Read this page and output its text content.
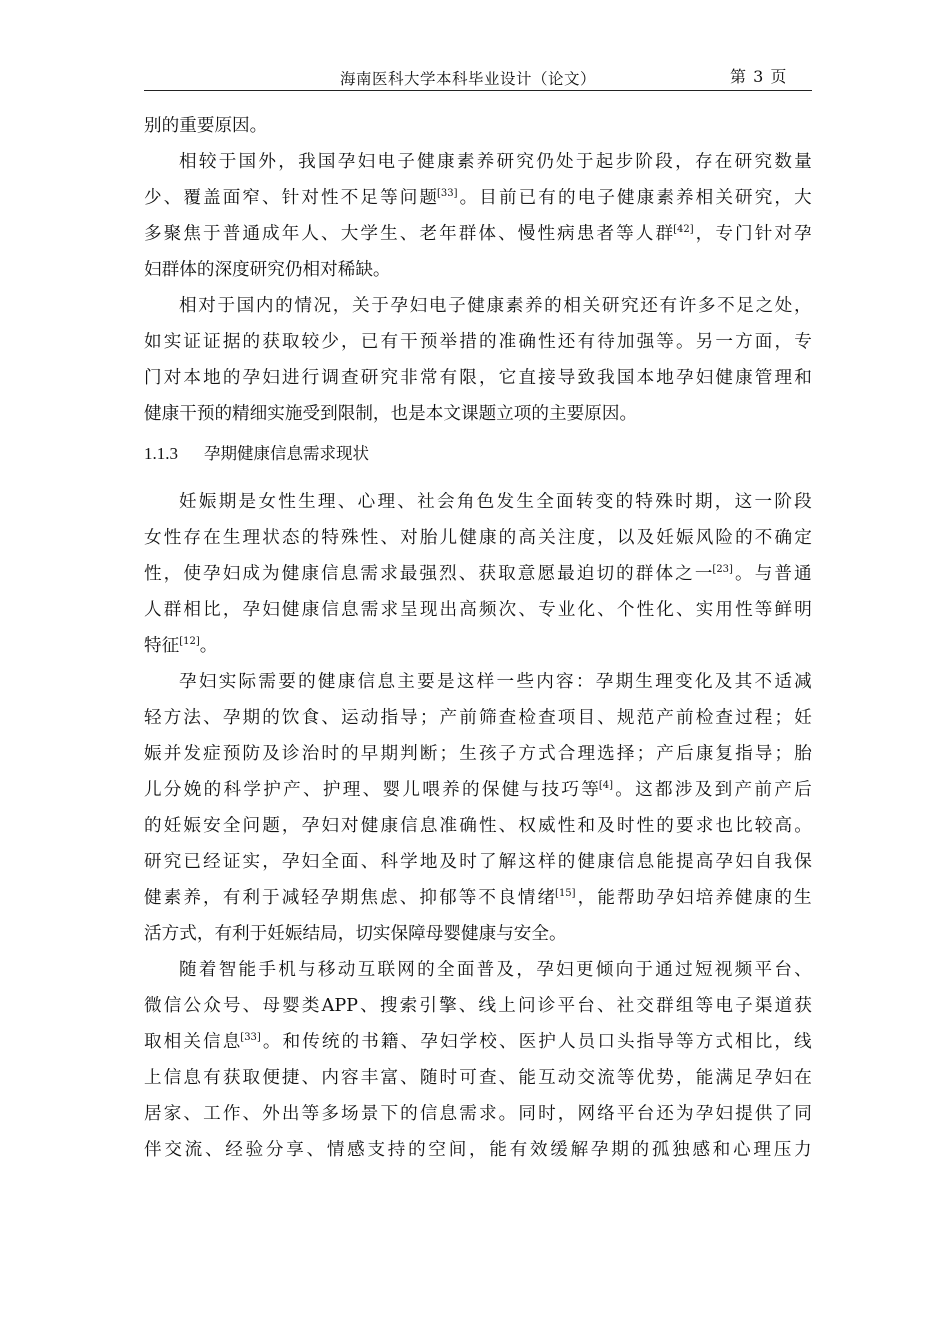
海南医科大学本科毕业设计（论文）	第 3 页
别的重要原因。
相 较 于 国 外 ， 我 国 孕 妇 电 子 健 康 素 养 研 究 仍 处 于 起 步 阶 段 ， 存 在 研 究 数 量
少 、 覆 盖 面 窄 、 针 对 性 不 足 等 问 题[33] 。 目 前 已 有 的 电 子 健 康 素 养 相 关 研 究 ， 大
多 聚 焦 于 普 通 成 年 人 、 大 学 生 、 老 年 群 体 、 慢 性 病 患 者 等 人 群[42] ， 专 门 针 对 孕
妇群体的深度研究仍相对稀缺。
相 对 于 国 内 的 情 况 ， 关 于 孕 妇 电 子 健 康 素 养 的 相 关 研 究 还 有 许 多 不 足 之 处 ，
如 实 证 证 据 的 获 取 较 少 ， 已 有 干 预 举 措 的 准 确 性 还 有 待 加 强 等 。 另 一 方 面 ， 专
门 对 本 地 的 孕 妇 进 行 调 查 研 究 非 常 有 限 ， 它 直 接 导 致 我 国 本 地 孕 妇 健 康 管 理 和
健康干预的精细实施受到限制，也是本文课题立项的主要原因。
1.1.3 孕期健康信息需求现状
妊 娠 期 是 女 性 生 理 、 心 理 、 社 会 角 色 发 生 全 面 转 变 的 特 殊 时 期 ， 这 一 阶 段
女 性 存 在 生 理 状 态 的 特 殊 性 、 对 胎 儿 健 康 的 高 关 注 度 ， 以 及 妊 娠 风 险 的 不 确 定
性 ， 使 孕 妇 成 为 健 康 信 息 需 求 最 强 烈 、 获 取 意 愿 最 迫 切 的 群 体 之 一[23] 。 与 普 通
人 群 相 比 ， 孕 妇 健 康 信 息 需 求 呈 现 出 高 频 次 、 专 业 化 、 个 性 化 、 实 用 性 等 鲜 明
特征[12]。
孕 妇 实 际 需 要 的 健 康 信 息 主 要 是 这 样 一 些 内 容 ： 孕 期 生 理 变 化 及 其 不 适 减
轻 方 法 、 孕 期 的 饮 食 、 运 动 指 导 ； 产 前 筛 查 检 查 项 目 、 规 范 产 前 检 查 过 程 ； 妊
娠 并 发 症 预 防 及 诊 治 时 的 早 期 判 断 ； 生 孩 子 方 式 合 理 选 择 ； 产 后 康 复 指 导 ； 胎
儿 分 娩 的 科 学 护 产 、 护 理 、 婴 儿 喂 养 的 保 健 与 技 巧 等[4] 。 这 都 涉 及 到 产 前 产 后
的 妊 娠 安 全 问 题 ， 孕 妇 对 健 康 信 息 准 确 性 、 权 威 性 和 及 时 性 的 要 求 也 比 较 高 。
研 究 已 经 证 实 ， 孕 妇 全 面 、 科 学 地 及 时 了 解 这 样 的 健 康 信 息 能 提 高 孕 妇 自 我 保
健 素 养 ， 有 利 于 减 轻 孕 期 焦 虑 、 抑 郁 等 不 良 情 绪[15] ， 能 帮 助 孕 妇 培 养 健 康 的 生
活方式，有利于妊娠结局，切实保障母婴健康与安全。
随 着 智 能 手 机 与 移 动 互 联 网 的 全 面 普 及 ， 孕 妇 更 倾 向 于 通 过 短 视 频 平 台 、
微 信 公 众 号 、 母 婴 类 APP 、 搜 索 引 擎 、 线 上 问 诊 平 台 、 社 交 群 组 等 电 子 渠 道 获
取 相 关 信 息[33] 。 和 传 统 的 书 籍 、 孕 妇 学 校 、 医 护 人 员 口 头 指 导 等 方 式 相 比 ， 线
上 信 息 有 获 取 便 捷 、 内 容 丰 富 、 随 时 可 查 、 能 互 动 交 流 等 优 势 ， 能 满 足 孕 妇 在
居 家 、 工 作 、 外 出 等 多 场 景 下 的 信 息 需 求 。 同 时 ， 网 络 平 台 还 为 孕 妇 提 供 了 同
伴 交 流 、 经 验 分 享 、 情 感 支 持 的 空 间 ， 能 有 效 缓 解 孕 期 的 孤 独 感 和 心 理 压 力
